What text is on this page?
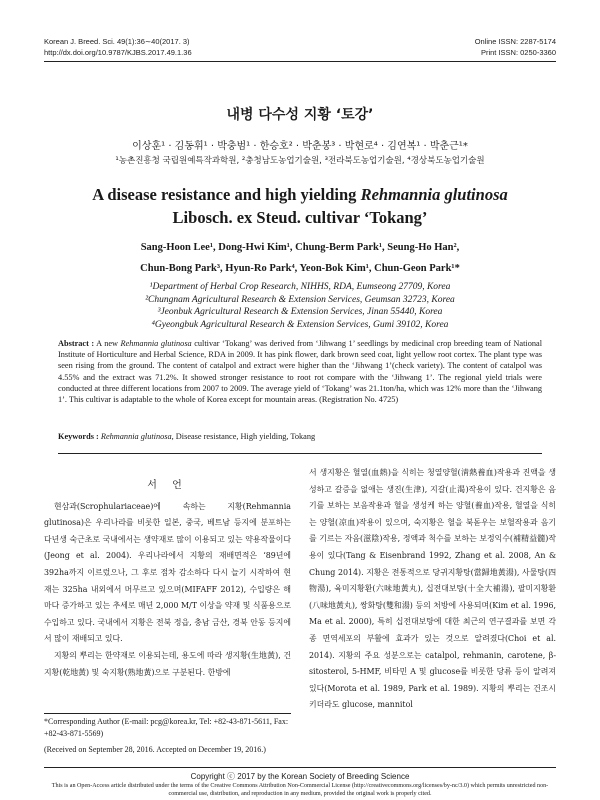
Korean J. Breed. Sci. 49(1):36∼40(2017. 3)
http://dx.doi.org/10.9787/KJBS.2017.49.1.36
Online ISSN: 2287-5174
Print ISSN: 0250-3360
내병 다수성 지황 ‘토강’
이상훈¹ · 김동휘¹ · 박충범¹ · 한승호² · 박춘봉³ · 박현로⁴ · 김연복¹ · 박춘근¹*
¹농촌진흥청 국립원예특작과학원, ²충청남도농업기술원, ³전라북도농업기술원, ⁴경상북도농업기술원
A disease resistance and high yielding Rehmannia glutinosa
Libosch. ex Steud. cultivar ‘Tokang’
Sang-Hoon Lee¹, Dong-Hwi Kim¹, Chung-Berm Park¹, Seung-Ho Han²,
Chun-Bong Park³, Hyun-Ro Park⁴, Yeon-Bok Kim¹, Chun-Geon Park¹*
¹Department of Herbal Crop Research, NIHHS, RDA, Eumseong 27709, Korea
²Chungnam Agricultural Research & Extension Services, Geumsan 32723, Korea
³Jeonbuk Agricultural Research & Extension Services, Jinan 55440, Korea
⁴Gyeongbuk Agricultural Research & Extension Services, Gumi 39102, Korea
Abstract : A new Rehmannia glutinosa cultivar ‘Tokang’ was derived from ‘Jihwang 1’ seedlings by medicinal crop breeding team of National Institute of Horticulture and Herbal Science, RDA in 2009. It has pink flower, dark brown seed coat, light yellow root cortex. The plant type was seen rising from the ground. The content of catalpol and extract were higher than the ‘Jihwang 1’(check variety). The content of catalpol was 4.55% and the extract was 71.2%. It showed stronger resistance to root rot compare with the ‘Jihwang 1’. The regional yield trials were conducted at three different locations from 2007 to 2009. The average yield of ‘Tokang’ was 21.1ton/ha, which was 12% more than the ‘Jihwang 1’. This cultivar is adaptable to the whole of Korea except for mountain areas. (Registration No. 4725)
Keywords : Rehmannia glutinosa, Disease resistance, High yielding, Tokang
서 언

현삼과(Scrophulariaceae)에 속하는 지황(Rehmannia glutinosa)은 우리나라를 비롯한 일본, 중국, 베트남 등지에 분포하는 다년생 숙근초로 국내에서는 생약재로 많이 이용되고 있는 약용작물이다(Jeong et al. 2004). 우리나라에서 지황의 재배면적은 ‘89년에 392ha까지 이르렀으나, 그 후로 점차 감소하다 다시 늘기 시작하여 현재는 325ha 내외에서 머무르고 있으며(MIFAFF 2012), 수입량은 해마다 증가하고 있는 추세로 매년 2,000 M/T 이상을 약재 및 식품용으로 수입하고 있다. 국내에서 지황은 전북 정읍, 충남 금산, 경북 안동 등지에서 많이 재배되고 있다.

지황의 뿌리는 한약재로 이용되는데, 용도에 따라 생지황(生地黃), 건지황(乾地黃) 및 숙지황(熟地黃)으로 구분된다. 한방에

서 생지황은 혈열(血熱)을 식히는 청열양혈(淸熱養血)작용과 진액을 생성하고 갈증을 없애는 생진(生津), 지갈(止渴)작용이 있다. 건지황은 음기를 보하는 보음작용과 혈을 생성케 하는 양혈(養血)작용, 혈열을 식히는 양혈(凉血)작용이 있으며, 숙지황은 혈을 북돋우는 보혈작용과 음기를 기르는 자음(滋陰)작용, 정액과 척수를 보하는 보정익수(補精益髓)작용이 있다(Tang & Eisenbrand 1992, Zhang et al. 2008, An & Chung 2014). 지황은 전통적으로 당귀지황탕(當歸地黃湯), 사물탕(四物湯), 육미지황환(六味地黃丸), 십전대보탕(十全大補湯), 팔미지황환(八味地黃丸), 쌍화탕(雙和湯) 등의 처방에 사용되며(Kim et al. 1996, Ma et al. 2000), 특히 십전대보탕에 대한 최근의 연구결과를 보면 각종 면역세포의 부활에 효과가 있는 것으로 알려졌다(Choi et al. 2014). 지황의 주요 성분으로는 catalpol, rehmanin, carotene, β-sitosterol, 5-HMF, 비타민 A 및 glucose를 비롯한 당류 등이 알려져 있다(Morota et al. 1989, Park et al. 1989). 지황의 뿌리는 건조시키더라도 glucose, mannitol

*Corresponding Author (E-mail: pcg@korea.kr, Tel: +82-43-871-5611, Fax: +82-43-871-5569)
(Received on September 28, 2016. Accepted on December 19, 2016.)
Copyright ⓒ 2017 by the Korean Society of Breeding Science
This is an Open-Access article distributed under the terms of the Creative Commons Attribution Non-Commercial License (http://creativecommons.org/licenses/by-nc/3.0) which permits unrestricted non-commercial use, distribution, and reproduction in any medium, provided the original work is properly cited.
